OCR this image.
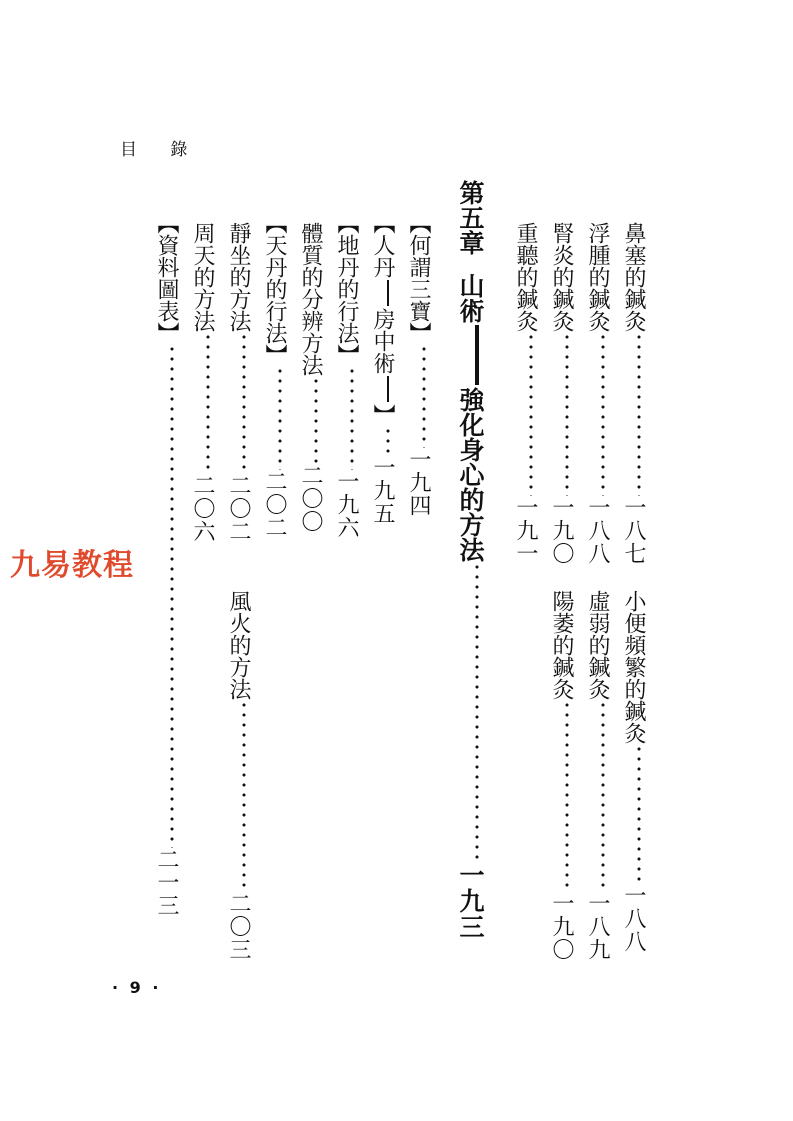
目 錄
鼻塞的鍼灸一八七
小便頻繁的鍼灸一八八
浮腫的鍼灸一八八
虛弱的鍼灸一八九
腎炎的鍼灸一九〇
陽萎的鍼灸一九〇
重聽的鍼灸一九一
第五章山術強化身心的方法一九三
【何謂三寶】一九四
【人丹房中術】一九五
【地丹的行法】一九六
體質的分辨方法二〇〇
【天丹的行法】二〇二
靜坐的方法二〇二
風火的方法二〇三
周天的方法二〇六
【資料圖表】二一三
九易教程
· 9 ·
